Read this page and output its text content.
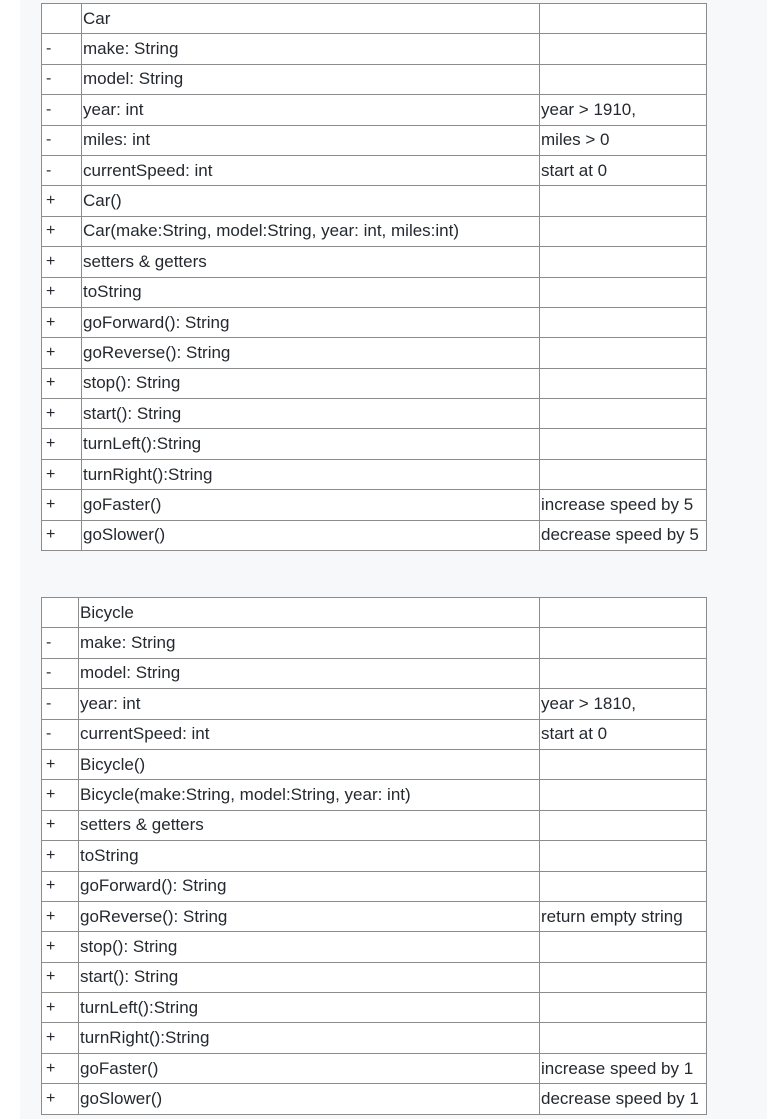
	Car	
-	make: String	
-	model: String	
-	year: int	year > 1910,
-	miles: int	miles > 0
-	currentSpeed: int	start at 0
+	Car()	
+	Car(make:String, model:String, year: int, miles:int)	
+	setters & getters	
+	toString	
+	goForward(): String	
+	goReverse(): String	
+	stop(): String	
+	start(): String	
+	turnLeft():String	
+	turnRight():String	
+	goFaster()	increase speed by 5
+	goSlower()	decrease speed by 5
	Bicycle	
-	make: String	
-	model: String	
-	year: int	year > 1810,
-	currentSpeed: int	start at 0
+	Bicycle()	
+	Bicycle(make:String, model:String, year: int)	
+	setters & getters	
+	toString	
+	goForward(): String	
+	goReverse(): String	return empty string
+	stop(): String	
+	start(): String	
+	turnLeft():String	
+	turnRight():String	
+	goFaster()	increase speed by 1
+	goSlower()	decrease speed by 1
